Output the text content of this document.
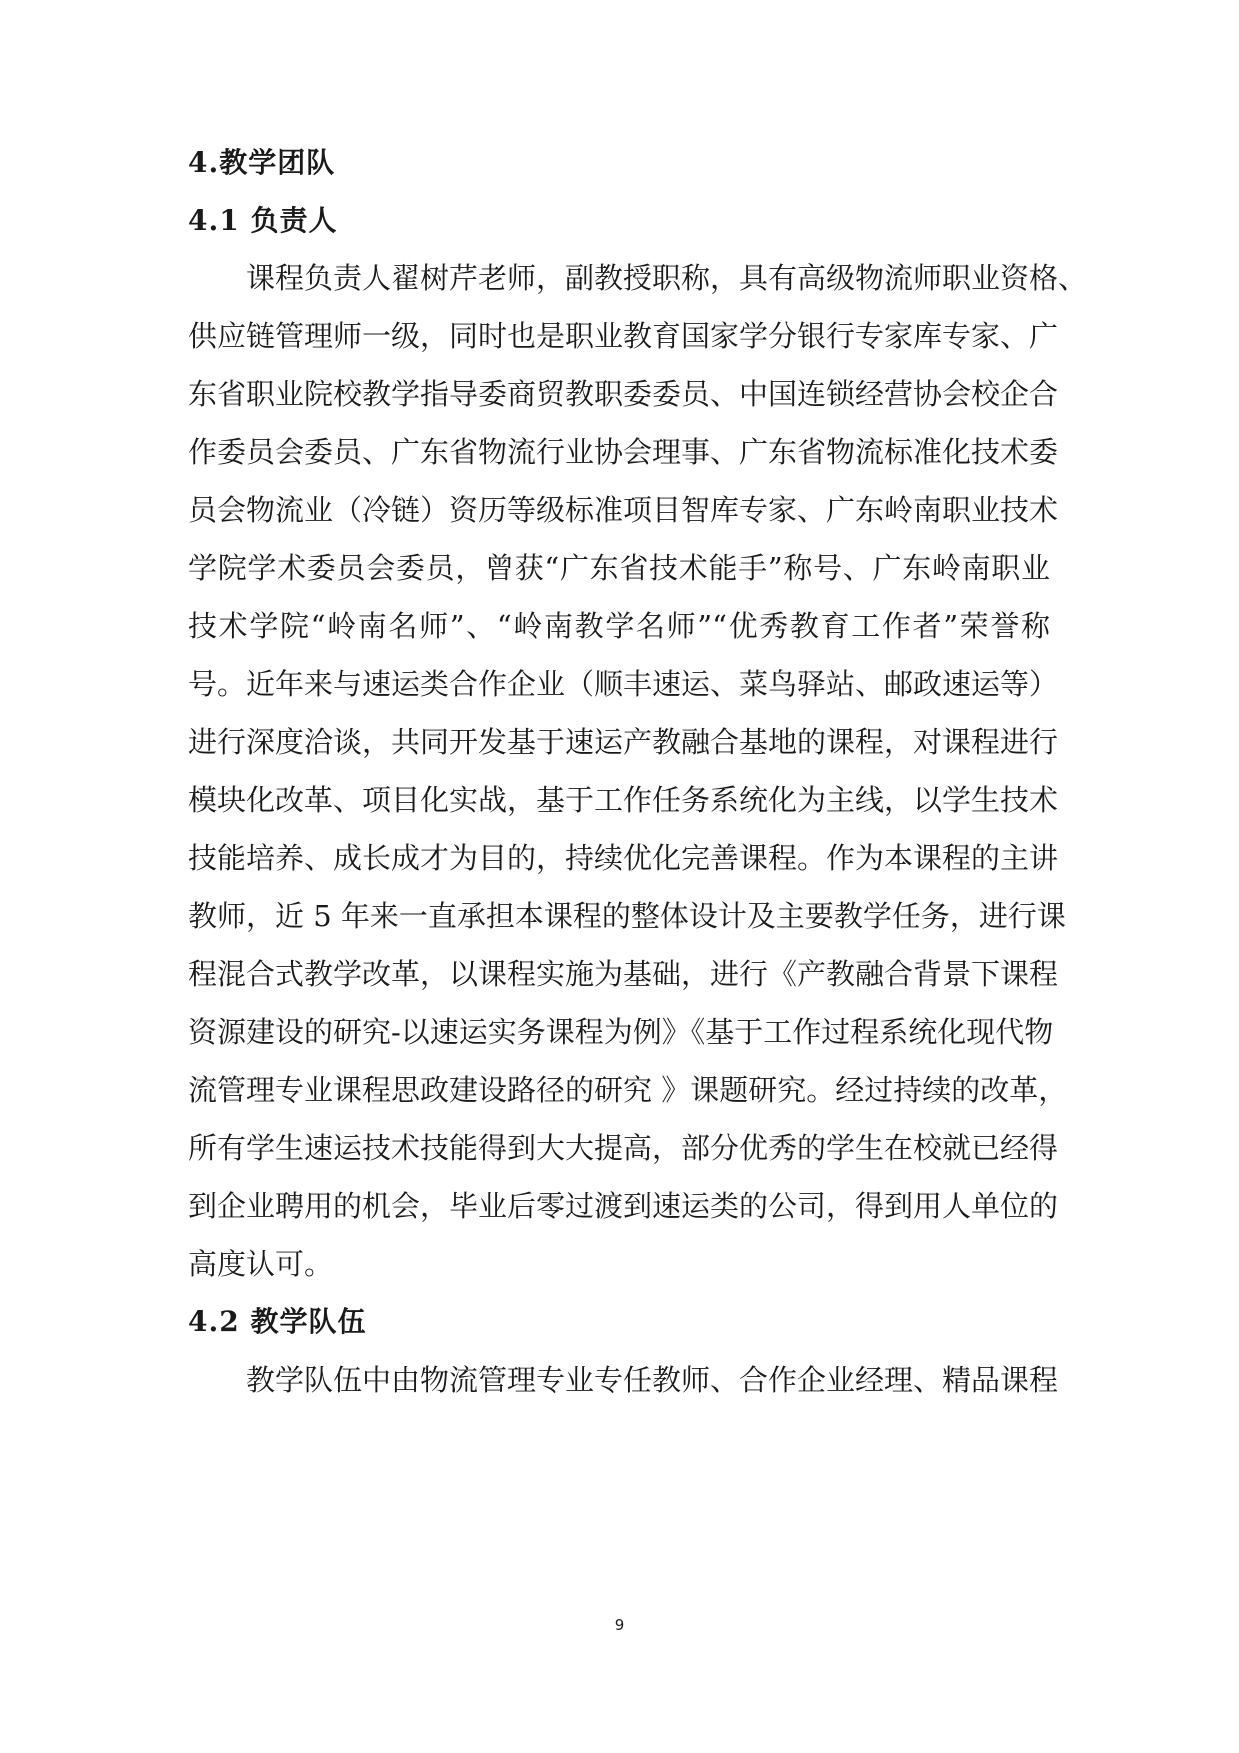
4.教学团队
4.1 负责人
课程负责人翟树芹老师，副教授职称，具有高级物流师职业资格、
供应链管理师一级，同时也是职业教育国家学分银行专家库专家、广
东省职业院校教学指导委商贸教职委委员、中国连锁经营协会校企合
作委员会委员、广东省物流行业协会理事、广东省物流标准化技术委
员会物流业（冷链）资历等级标准项目智库专家、广东岭南职业技术
学院学术委员会委员，曾获“广东省技术能手”称号、广东岭南职业
技术学院“岭南名师”、“岭南教学名师”“优秀教育工作者”荣誉称
号。近年来与速运类合作企业（顺丰速运、菜鸟驿站、邮政速运等）
进行深度洽谈，共同开发基于速运产教融合基地的课程，对课程进行
模块化改革、项目化实战，基于工作任务系统化为主线，以学生技术
技能培养、成长成才为目的，持续优化完善课程。作为本课程的主讲
教师，近 5 年来一直承担本课程的整体设计及主要教学任务，进行课
程混合式教学改革，以课程实施为基础，进行《产教融合背景下课程
资源建设的研究-以速运实务课程为例》《基于工作过程系统化现代物
流管理专业课程思政建设路径的研究 》课题研究。经过持续的改革，
所有学生速运技术技能得到大大提高，部分优秀的学生在校就已经得
到企业聘用的机会，毕业后零过渡到速运类的公司，得到用人单位的
高度认可。
4.2 教学队伍
教学队伍中由物流管理专业专任教师、合作企业经理、精品课程
9
